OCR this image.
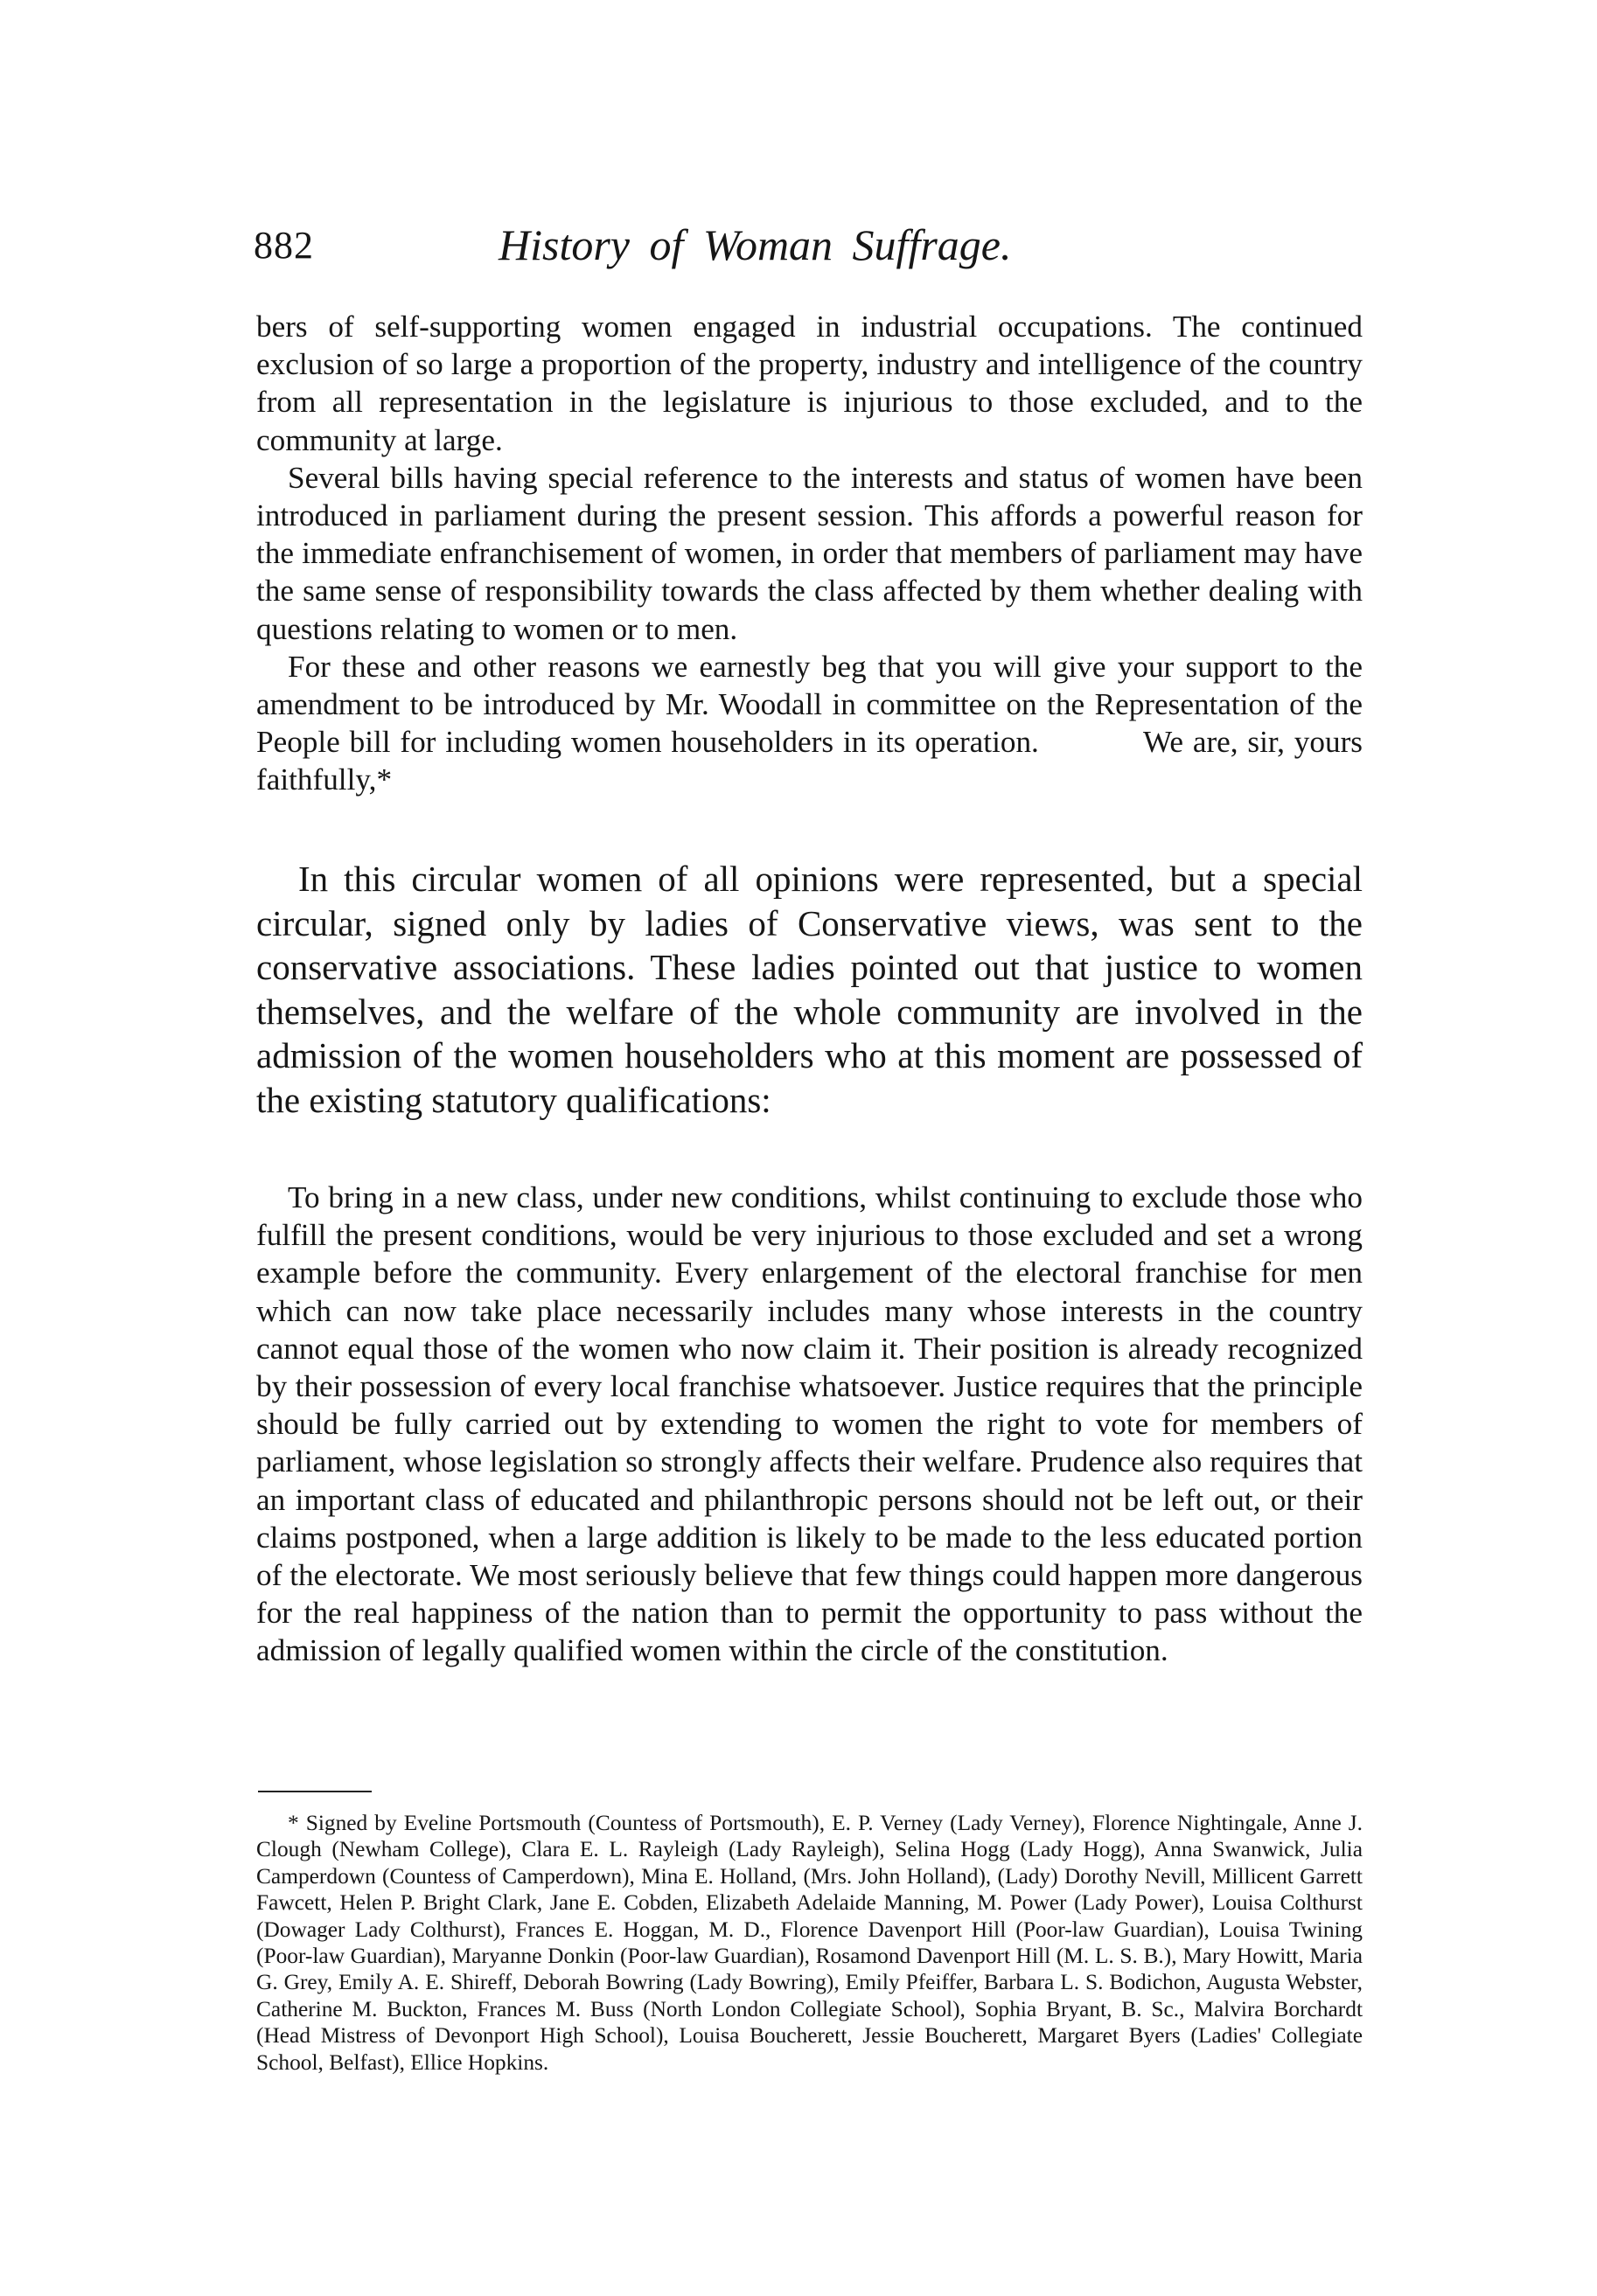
882	History of Woman Suffrage.

bers of self-supporting women engaged in industrial occupations. The continued exclusion of so large a proportion of the property, industry and intelligence of the country from all representation in the legislature is injurious to those excluded, and to the community at large.

Several bills having special reference to the interests and status of women have been introduced in parliament during the present session. This affords a powerful reason for the immediate enfranchisement of women, in order that members of parliament may have the same sense of responsibility towards the class affected by them whether dealing with questions relating to women or to men.

For these and other reasons we earnestly beg that you will give your support to the amendment to be introduced by Mr. Woodall in committee on the Representation of the People bill for including women householders in its operation.	We are, sir, yours faithfully,*

In this circular women of all opinions were represented, but a special circular, signed only by ladies of Conservative views, was sent to the conservative associations. These ladies pointed out that justice to women themselves, and the welfare of the whole community are involved in the admission of the women householders who at this moment are possessed of the existing statutory qualifications:

To bring in a new class, under new conditions, whilst continuing to exclude those who fulfill the present conditions, would be very injurious to those excluded and set a wrong example before the community. Every enlargement of the electoral franchise for men which can now take place necessarily includes many whose interests in the country cannot equal those of the women who now claim it. Their position is already recognized by their possession of every local franchise whatsoever. Justice requires that the principle should be fully carried out by extending to women the right to vote for members of parliament, whose legislation so strongly affects their welfare. Prudence also requires that an important class of educated and philanthropic persons should not be left out, or their claims postponed, when a large addition is likely to be made to the less educated portion of the electorate. We most seriously believe that few things could happen more dangerous for the real happiness of the nation than to permit the opportunity to pass without the admission of legally qualified women within the circle of the constitution.

* Signed by Eveline Portsmouth (Countess of Portsmouth), E. P. Verney (Lady Verney), Florence Nightingale, Anne J. Clough (Newham College), Clara E. L. Rayleigh (Lady Rayleigh), Selina Hogg (Lady Hogg), Anna Swanwick, Julia Camperdown (Countess of Camperdown), Mina E. Holland, (Mrs. John Holland), (Lady) Dorothy Nevill, Millicent Garrett Fawcett, Helen P. Bright Clark, Jane E. Cobden, Elizabeth Adelaide Manning, M. Power (Lady Power), Louisa Colthurst (Dowager Lady Colthurst), Frances E. Hoggan, M. D., Florence Davenport Hill (Poor-law Guardian), Louisa Twining (Poor-law Guardian), Maryanne Donkin (Poor-law Guardian), Rosamond Davenport Hill (M. L. S. B.), Mary Howitt, Maria G. Grey, Emily A. E. Shireff, Deborah Bowring (Lady Bowring), Emily Pfeiffer, Barbara L. S. Bodichon, Augusta Webster, Catherine M. Buckton, Frances M. Buss (North London Collegiate School), Sophia Bryant, B. Sc., Malvira Borchardt (Head Mistress of Devonport High School), Louisa Boucherett, Jessie Boucherett, Margaret Byers (Ladies' Collegiate School, Belfast), Ellice Hopkins.
